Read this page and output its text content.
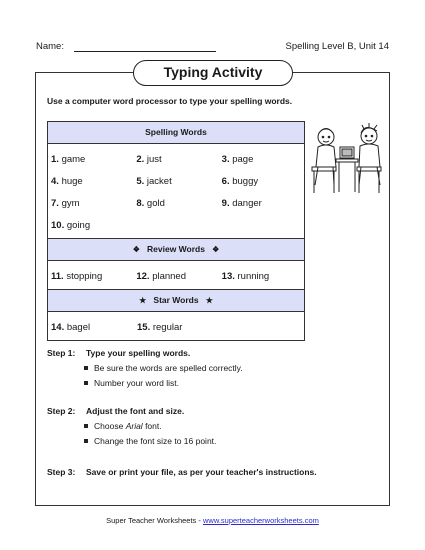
Name:	Spelling Level B, Unit 14
Typing Activity
Use a computer word processor to type your spelling words.
Spelling Words
1. game	2. just	3. page
4. huge	5. jacket	6. buggy
7. gym	8. gold	9. danger
10. going
❖ Review Words ❖
11. stopping	12. planned	13. running
★ Star Words ★
14. bagel	15. regular
Step 1: Type your spelling words.
Be sure the words are spelled correctly.
Number your word list.
Step 2: Adjust the font and size.
Choose Arial font.
Change the font size to 16 point.
Step 3: Save or print your file, as per your teacher's instructions.
Super Teacher Worksheets - www.superteacherworksheets.com
